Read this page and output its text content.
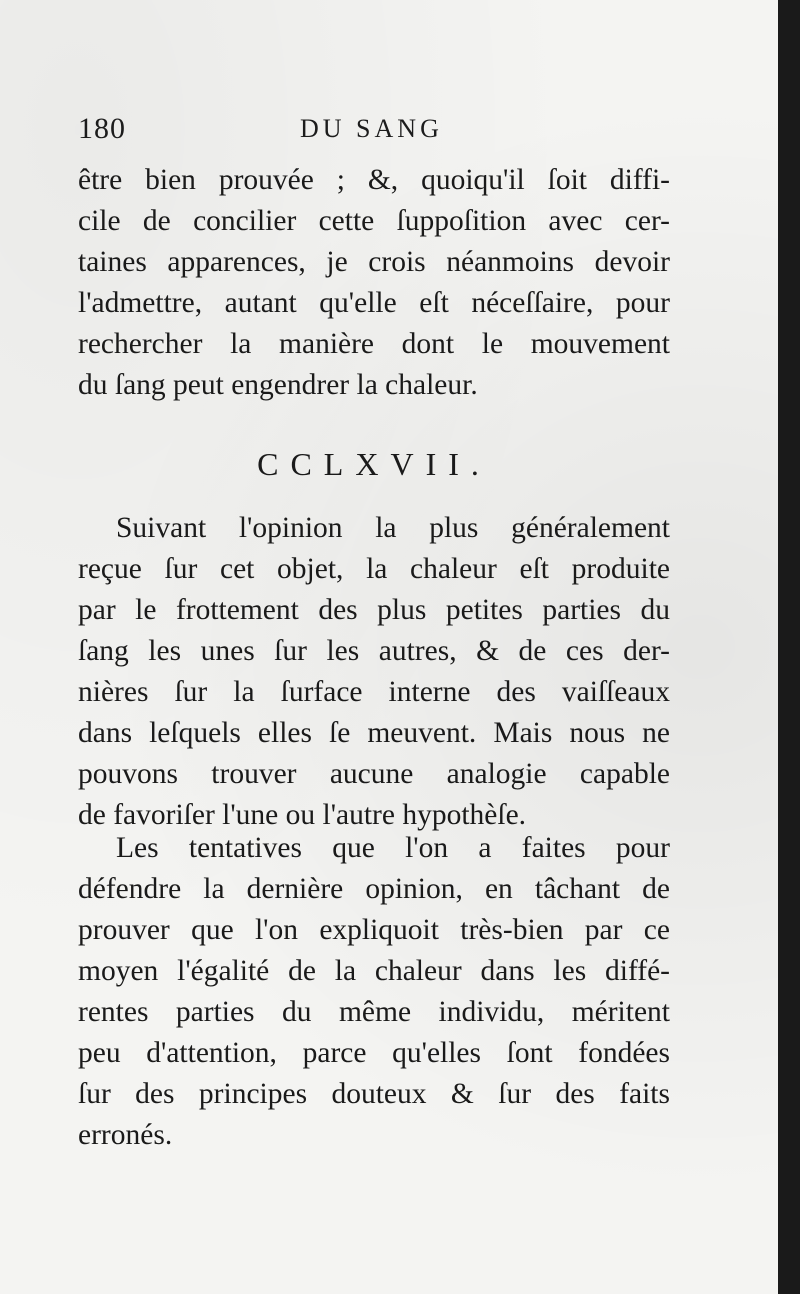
180	DU SANG
être bien prouvée ; &, quoiqu'il ſoit diffi-
cile de concilier cette ſuppoſition avec cer-
taines apparences, je crois néanmoins devoir
l'admettre, autant qu'elle eſt néceſſaire, pour
rechercher la manière dont le mouvement
du ſang peut engendrer la chaleur.
CCLXVII.
Suivant l'opinion la plus généralement
reçue ſur cet objet, la chaleur eſt produite
par le frottement des plus petites parties du
ſang les unes ſur les autres, & de ces der-
nières ſur la ſurface interne des vaiſſeaux
dans leſquels elles ſe meuvent. Mais nous ne
pouvons trouver aucune analogie capable
de favoriſer l'une ou l'autre hypothèſe.
Les tentatives que l'on a faites pour
défendre la dernière opinion, en tâchant de
prouver que l'on expliquoit très-bien par ce
moyen l'égalité de la chaleur dans les diffé-
rentes parties du même individu, méritent
peu d'attention, parce qu'elles ſont fondées
ſur des principes douteux & ſur des faits
erronés.
